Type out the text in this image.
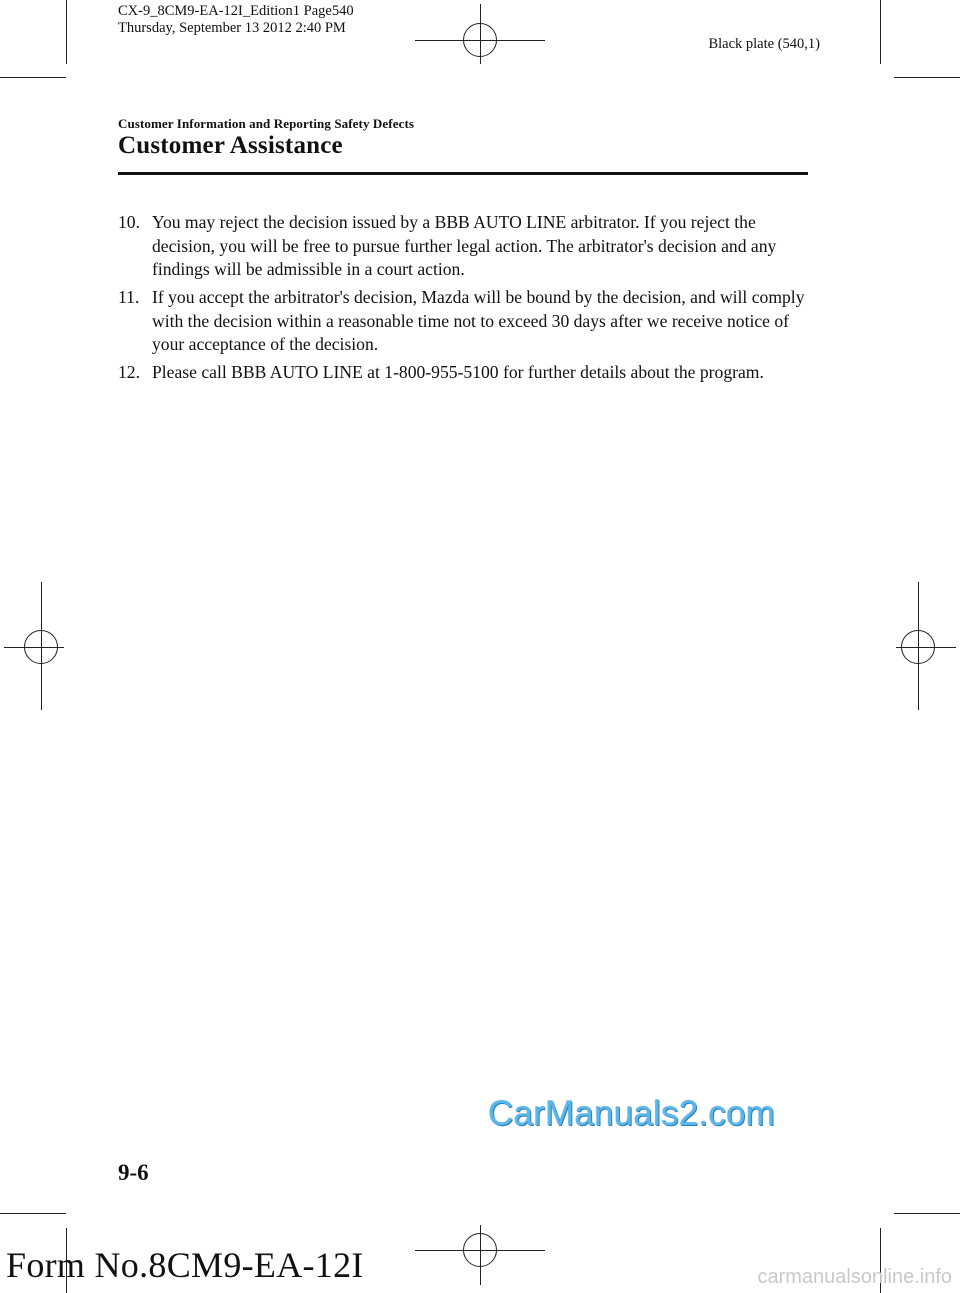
CX-9_8CM9-EA-12I_Edition1 Page540
Thursday, September 13 2012 2:40 PM
Black plate (540,1)
Customer Information and Reporting Safety Defects
Customer Assistance
10. You may reject the decision issued by a BBB AUTO LINE arbitrator. If you reject the decision, you will be free to pursue further legal action. The arbitrator's decision and any findings will be admissible in a court action.
11. If you accept the arbitrator's decision, Mazda will be bound by the decision, and will comply with the decision within a reasonable time not to exceed 30 days after we receive notice of your acceptance of the decision.
12. Please call BBB AUTO LINE at 1-800-955-5100 for further details about the program.
CarManuals2.com
9-6
Form No.8CM9-EA-12I	carmanualsonline.info
